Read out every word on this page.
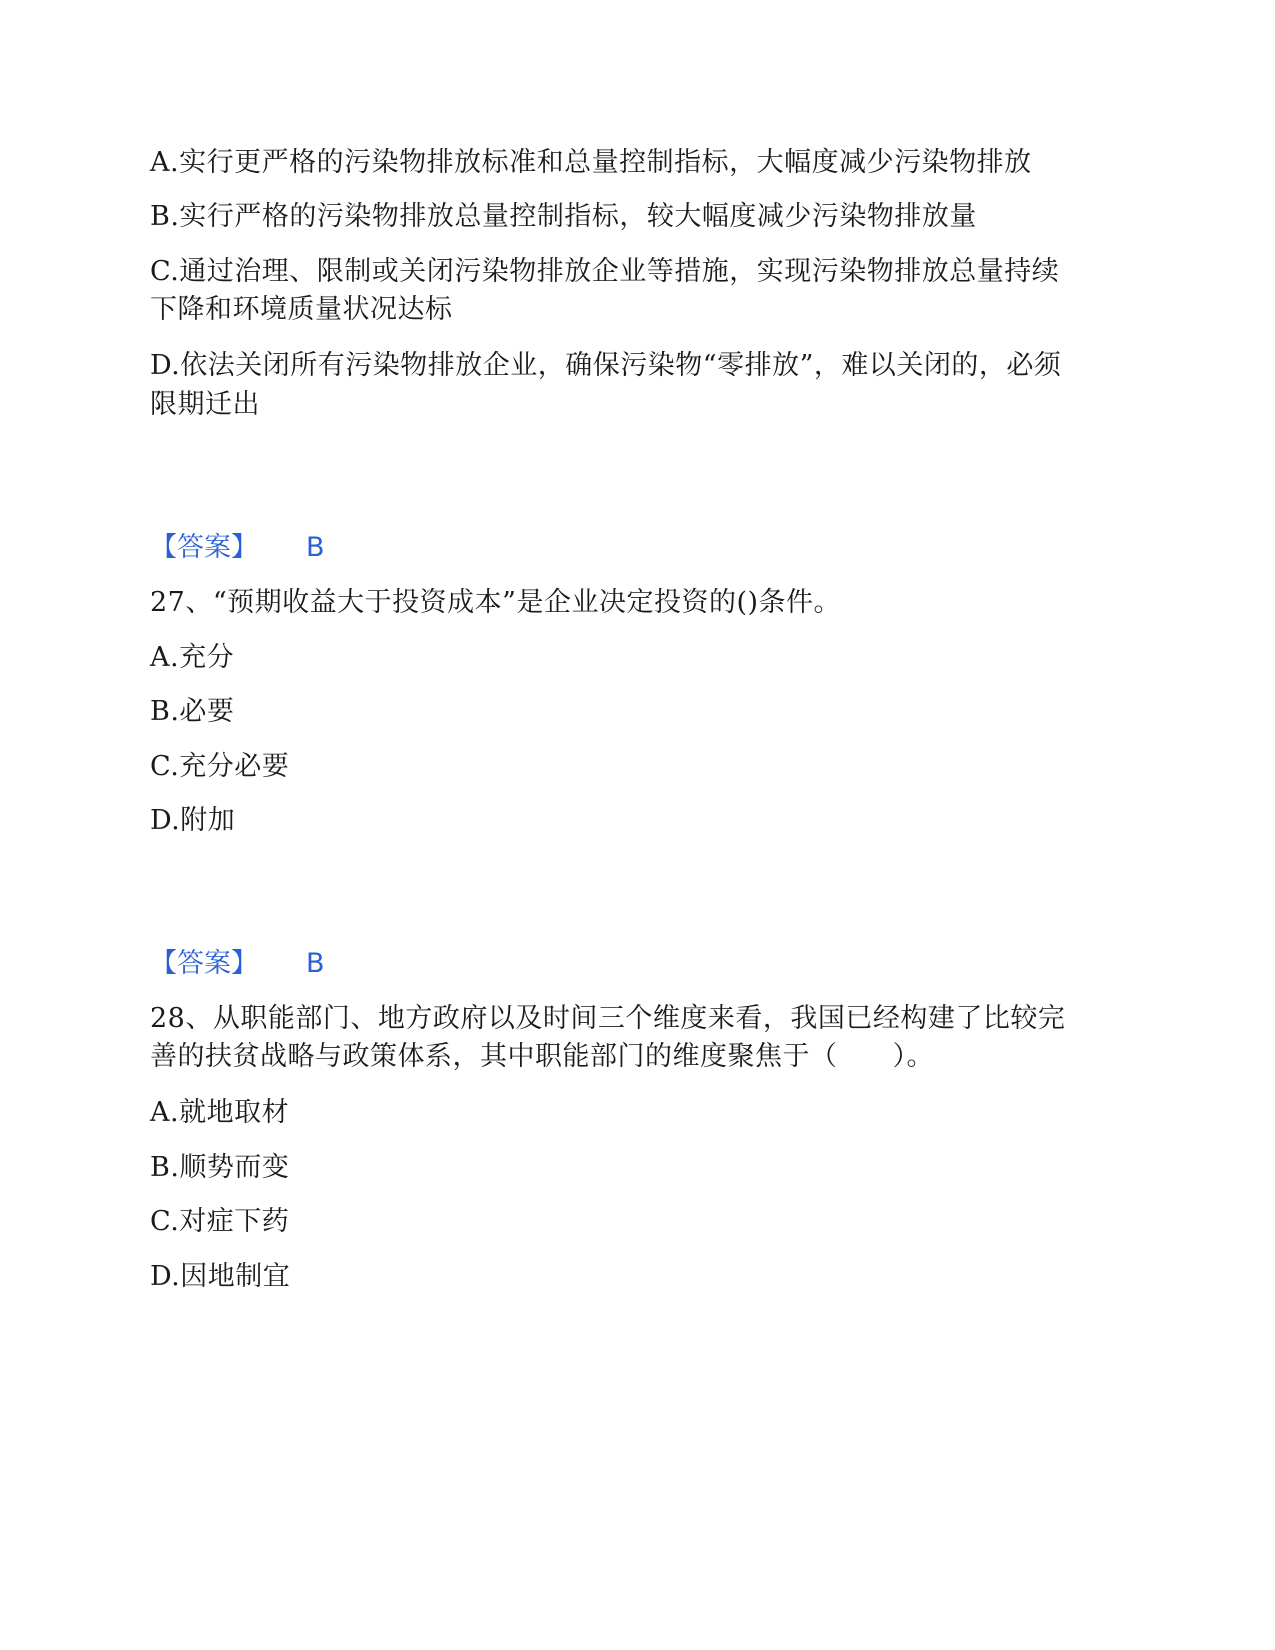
A.实行更严格的污染物排放标准和总量控制指标，大幅度减少污染物排放
B.实行严格的污染物排放总量控制指标，较大幅度减少污染物排放量
C.通过治理、限制或关闭污染物排放企业等措施，实现污染物排放总量持续
下降和环境质量状况达标
D.依法关闭所有污染物排放企业，确保污染物“零排放”，难以关闭的，必须
限期迁出
【答案】 B
27、“预期收益大于投资成本”是企业决定投资的()条件。
A.充分
B.必要
C.充分必要
D.附加
【答案】 B
28、从职能部门、地方政府以及时间三个维度来看，我国已经构建了比较完
善的扶贫战略与政策体系，其中职能部门的维度聚焦于（　　）。
A.就地取材
B.顺势而变
C.对症下药
D.因地制宜
